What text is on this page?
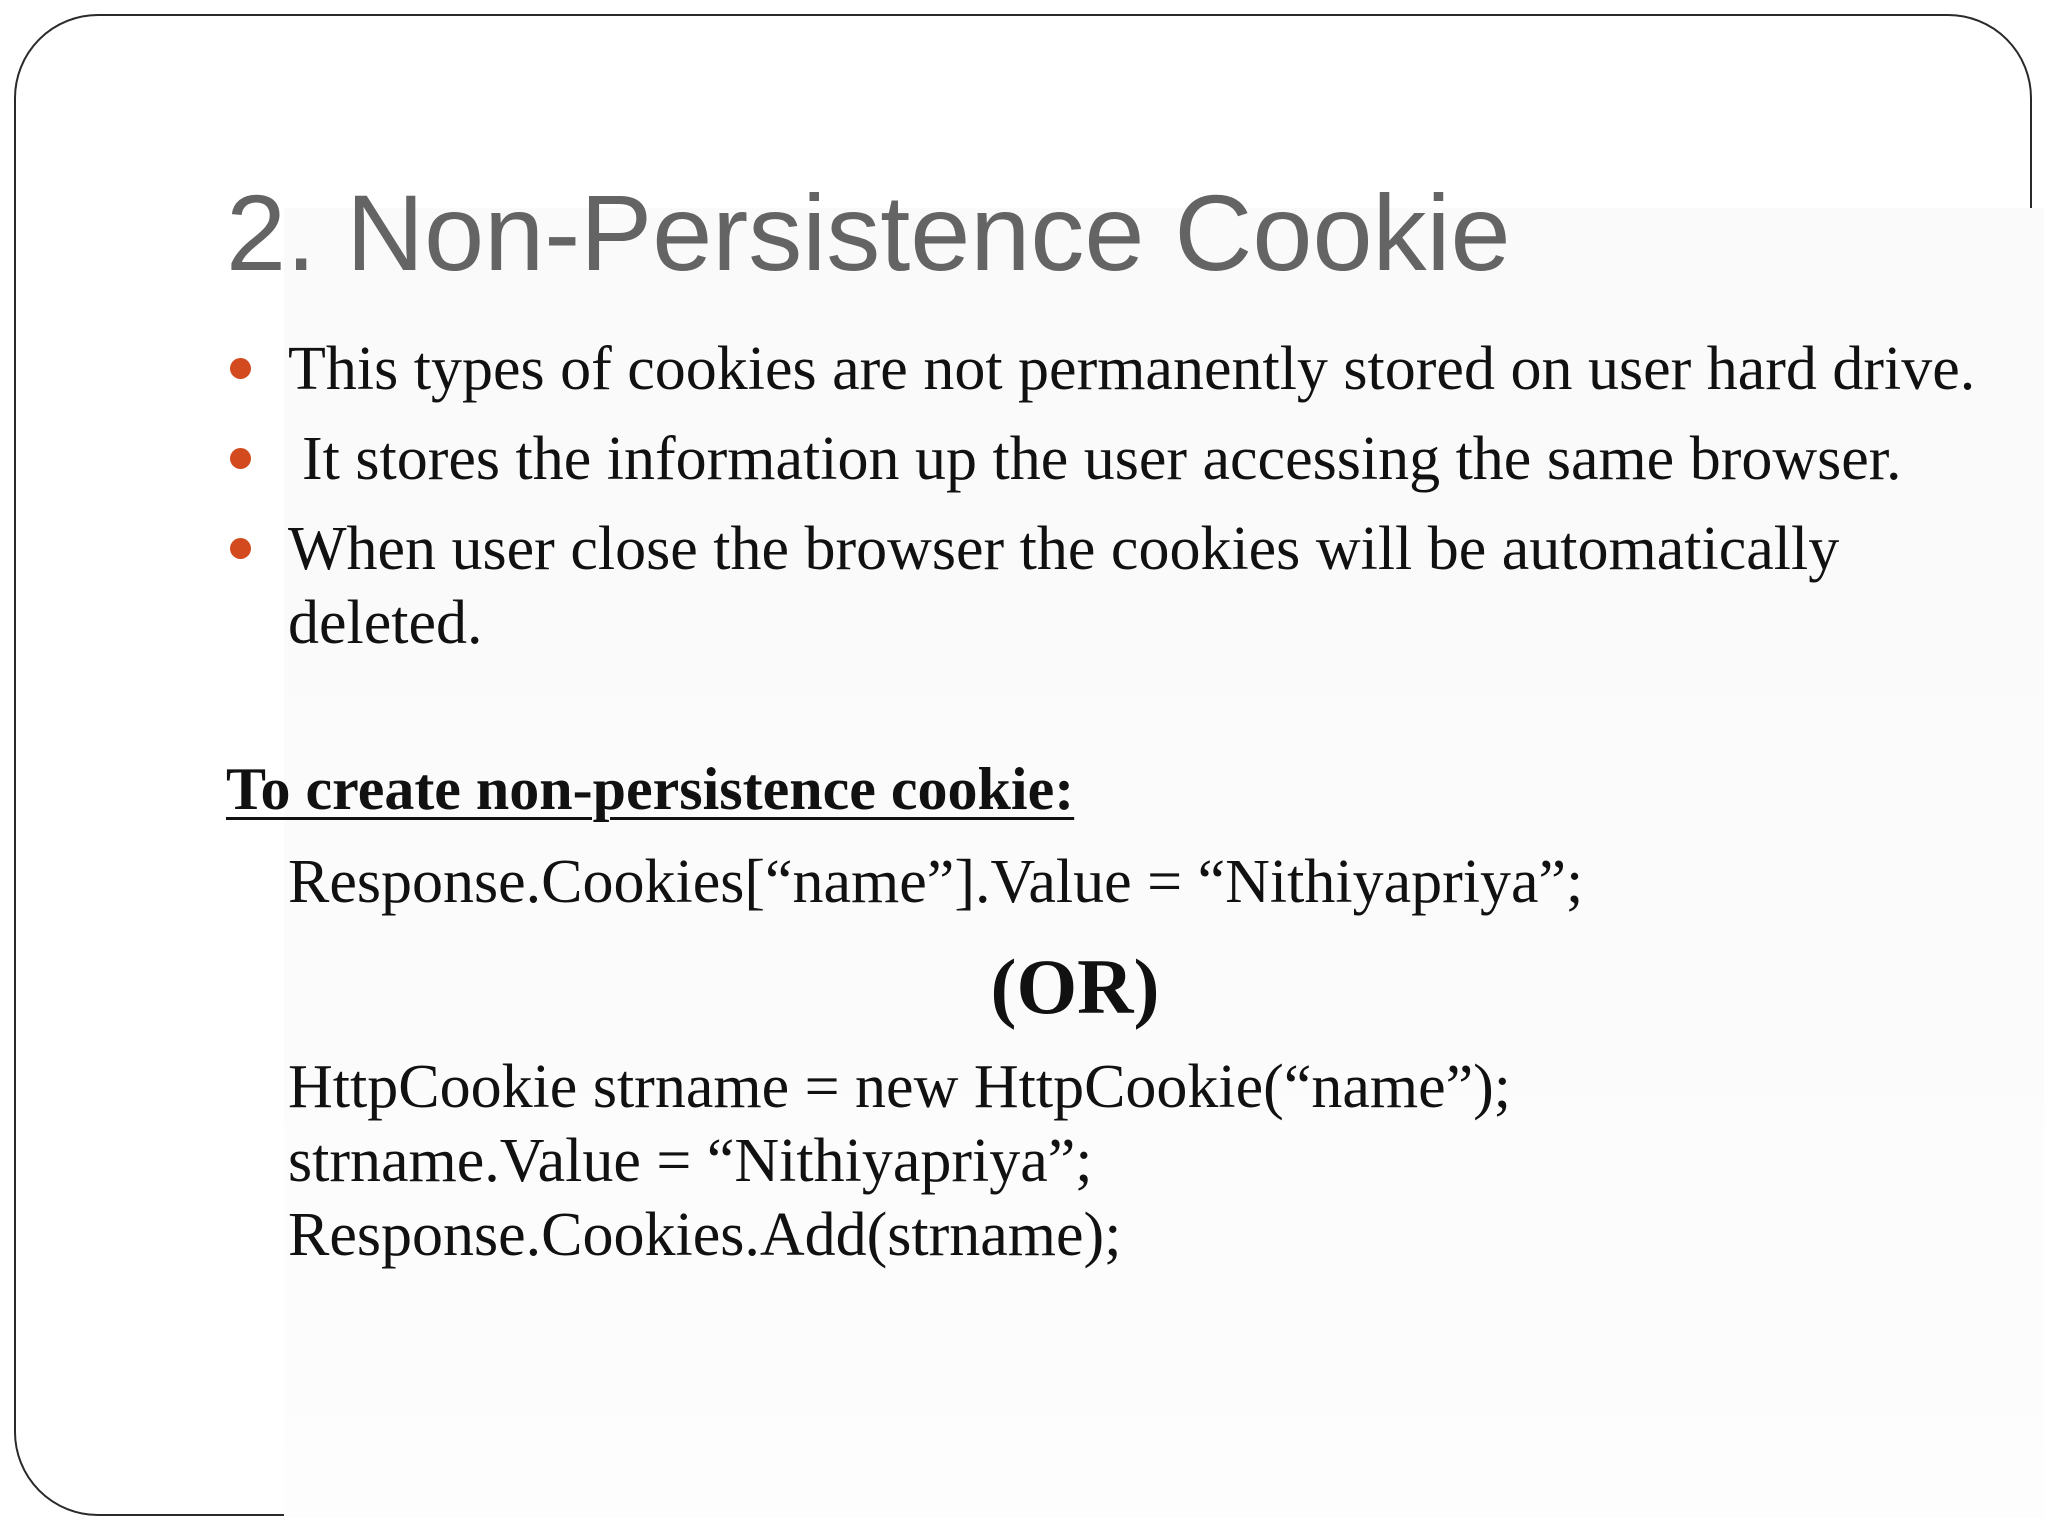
2. Non-Persistence Cookie
This types of cookies are not permanently stored on user hard drive.
It stores the information up the user accessing the same browser.
When user close the browser the cookies will be automatically deleted.

To create non-persistence cookie:

Response.Cookies[“name”].Value = “Nithiyapriya”;

(OR)

HttpCookie strname = new HttpCookie(“name”);

strname.Value = “Nithiyapriya”;

Response.Cookies.Add(strname);
